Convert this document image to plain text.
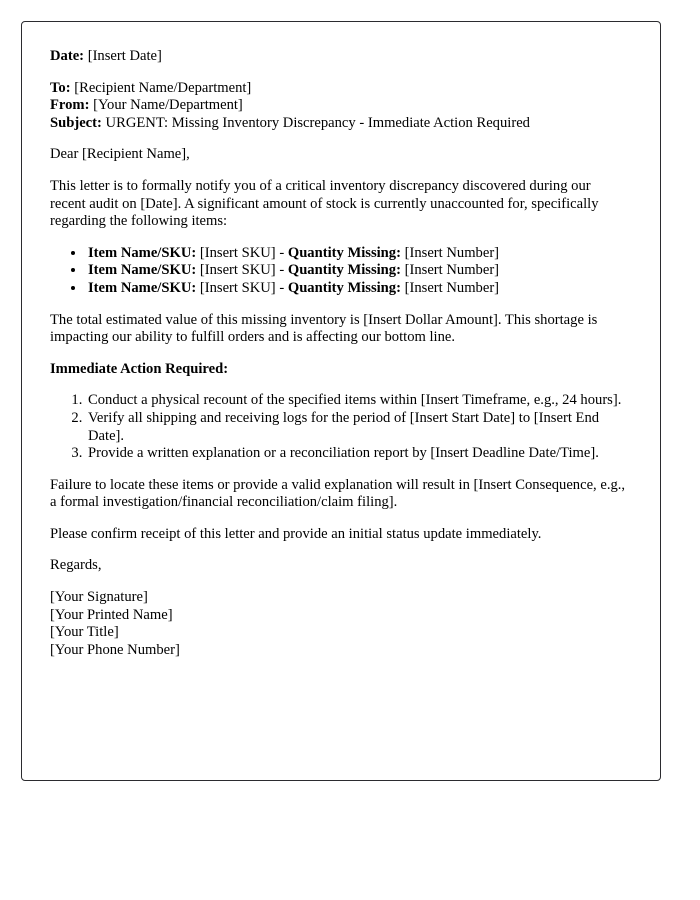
Date: [Insert Date]

To: [Recipient Name/Department]

From: [Your Name/Department]

Subject: URGENT: Missing Inventory Discrepancy - Immediate Action Required

Dear [Recipient Name],

This letter is to formally notify you of a critical inventory discrepancy discovered during our recent audit on [Date]. A significant amount of stock is currently unaccounted for, specifically regarding the following items:

• Item Name/SKU: [Insert SKU] - Quantity Missing: [Insert Number]
• Item Name/SKU: [Insert SKU] - Quantity Missing: [Insert Number]
• Item Name/SKU: [Insert SKU] - Quantity Missing: [Insert Number]

The total estimated value of this missing inventory is [Insert Dollar Amount]. This shortage is impacting our ability to fulfill orders and is affecting our bottom line.

Immediate Action Required:

1. Conduct a physical recount of the specified items within [Insert Timeframe, e.g., 24 hours].
2. Verify all shipping and receiving logs for the period of [Insert Start Date] to [Insert End Date].
3. Provide a written explanation or a reconciliation report by [Insert Deadline Date/Time].

Failure to locate these items or provide a valid explanation will result in [Insert Consequence, e.g., a formal investigation/financial reconciliation/claim filing].

Please confirm receipt of this letter and provide an initial status update immediately.

Regards,

[Your Signature]

[Your Printed Name]

[Your Title]

[Your Phone Number]
